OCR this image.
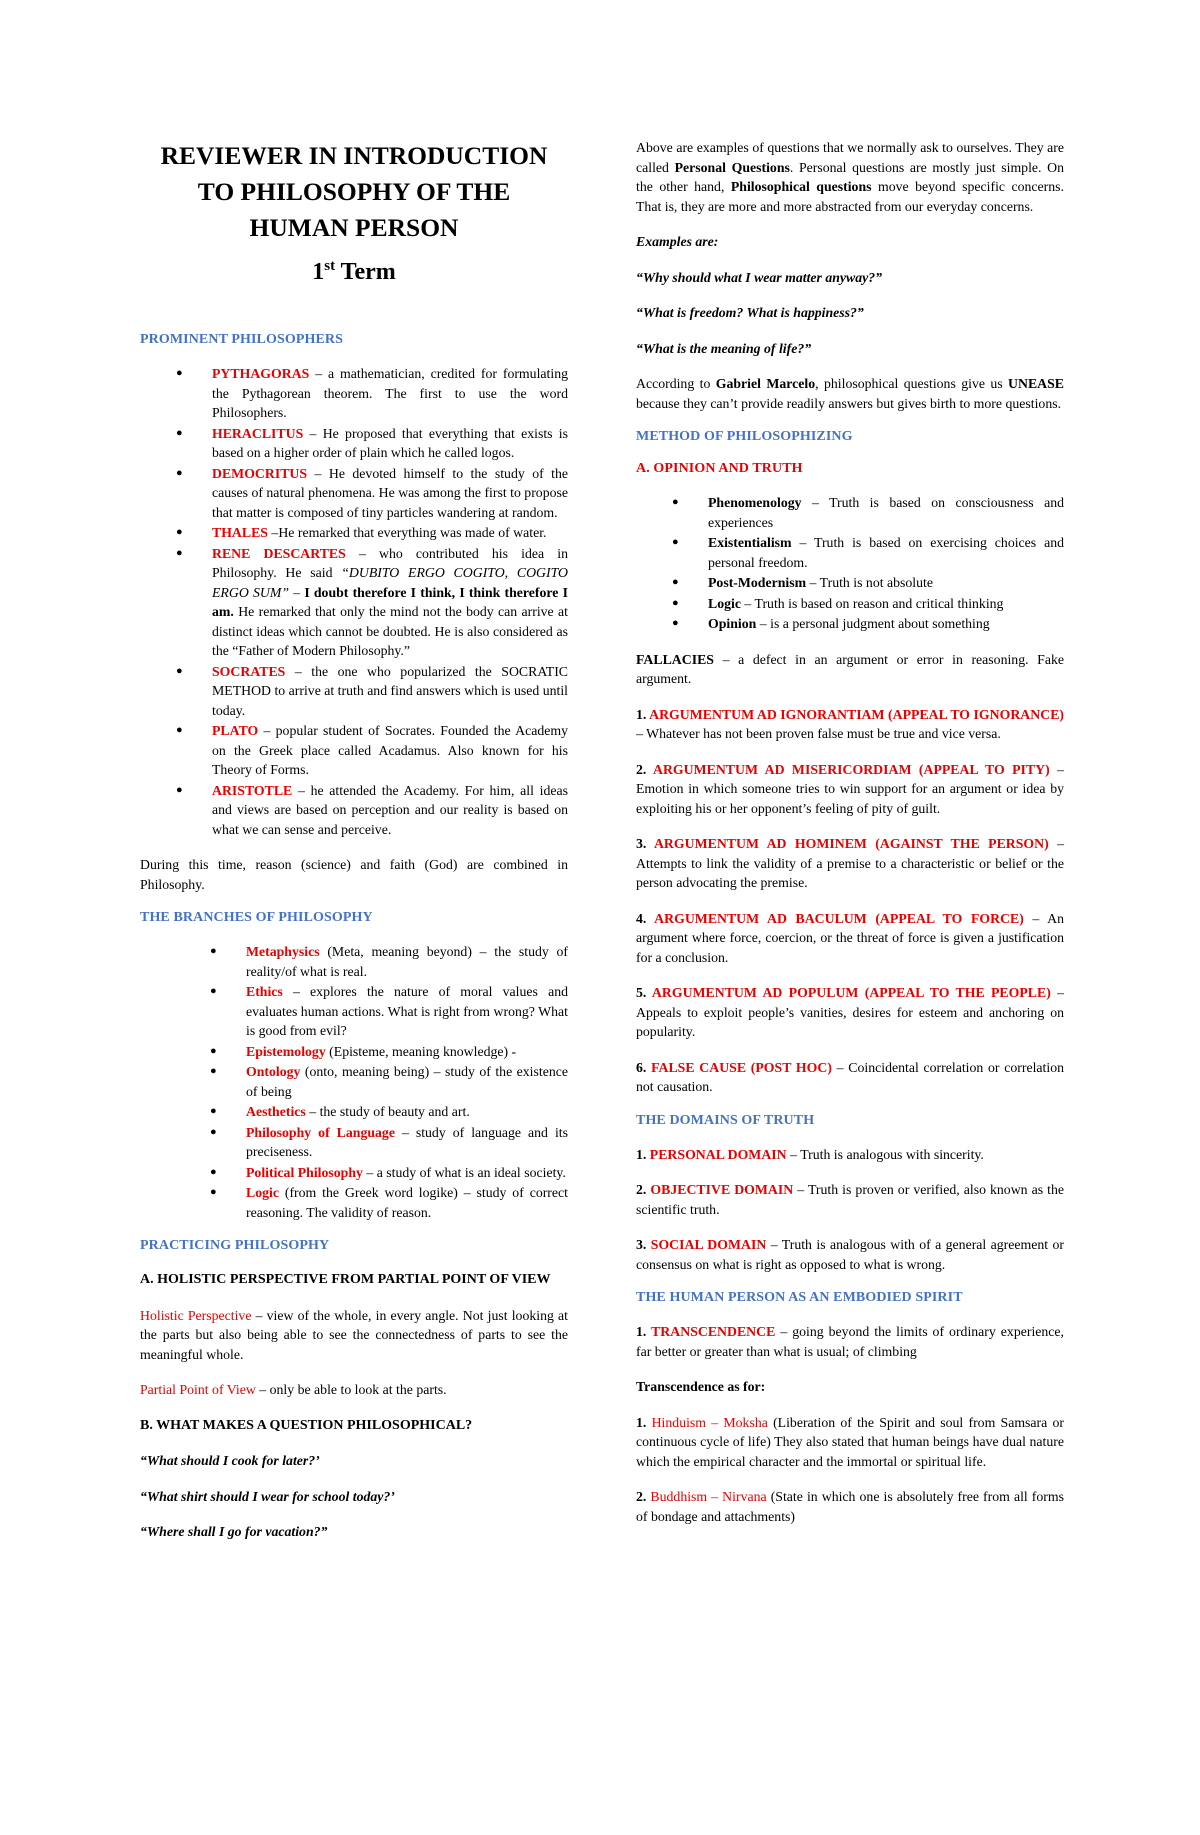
REVIEWER IN INTRODUCTION
TO PHILOSOPHY OF THE
HUMAN PERSON
1st Term
PROMINENT PHILOSOPHERS
● PYTHAGORAS – a mathematician, credited for formulating the Pythagorean theorem. The first to use the word Philosophers.
● HERACLITUS – He proposed that everything that exists is based on a higher order of plain which he called logos.
● DEMOCRITUS – He devoted himself to the study of the causes of natural phenomena. He was among the first to propose that matter is composed of tiny particles wandering at random.
● THALES –He remarked that everything was made of water.
● RENE DESCARTES – who contributed his idea in Philosophy. He said “DUBITO ERGO COGITO, COGITO ERGO SUM” – I doubt therefore I think, I think therefore I am. He remarked that only the mind not the body can arrive at distinct ideas which cannot be doubted. He is also considered as the “Father of Modern Philosophy.”
● SOCRATES – the one who popularized the SOCRATIC METHOD to arrive at truth and find answers which is used until today.
● PLATO – popular student of Socrates. Founded the Academy on the Greek place called Acadamus. Also known for his Theory of Forms.
● ARISTOTLE – he attended the Academy. For him, all ideas and views are based on perception and our reality is based on what we can sense and perceive.

During this time, reason (science) and faith (God) are combined in Philosophy.

THE BRANCHES OF PHILOSOPHY
● Metaphysics (Meta, meaning beyond) – the study of reality/of what is real.
● Ethics – explores the nature of moral values and evaluates human actions. What is right from wrong? What is good from evil?
● Epistemology (Episteme, meaning knowledge) -
● Ontology (onto, meaning being) – study of the existence of being
● Aesthetics – the study of beauty and art.
● Philosophy of Language – study of language and its preciseness.
● Political Philosophy – a study of what is an ideal society.
● Logic (from the Greek word logike) – study of correct reasoning. The validity of reason.
PRACTICING PHILOSOPHY
A. HOLISTIC PERSPECTIVE FROM PARTIAL POINT OF VIEW

Holistic Perspective – view of the whole, in every angle. Not just looking at the parts but also being able to see the connectedness of parts to see the meaningful whole.

Partial Point of View – only be able to look at the parts.

B. WHAT MAKES A QUESTION PHILOSOPHICAL?

“What should I cook for later?’

“What shirt should I wear for school today?’

“Where shall I go for vacation?”

Above are examples of questions that we normally ask to ourselves. They are called Personal Questions. Personal questions are mostly just simple. On the other hand, Philosophical questions move beyond specific concerns. That is, they are more and more abstracted from our everyday concerns.

Examples are:

“Why should what I wear matter anyway?”

“What is freedom? What is happiness?”

“What is the meaning of life?”

According to Gabriel Marcelo, philosophical questions give us UNEASE because they can’t provide readily answers but gives birth to more questions.

METHOD OF PHILOSOPHIZING
A. OPINION AND TRUTH
● Phenomenology – Truth is based on consciousness and experiences
● Existentialism – Truth is based on exercising choices and personal freedom.
● Post-Modernism – Truth is not absolute
● Logic – Truth is based on reason and critical thinking
● Opinion – is a personal judgment about something

FALLACIES – a defect in an argument or error in reasoning. Fake argument.

1. ARGUMENTUM AD IGNORANTIAM (APPEAL TO IGNORANCE) – Whatever has not been proven false must be true and vice versa.

2. ARGUMENTUM AD MISERICORDIAM (APPEAL TO PITY) – Emotion in which someone tries to win support for an argument or idea by exploiting his or her opponent’s feeling of pity of guilt.

3. ARGUMENTUM AD HOMINEM (AGAINST THE PERSON) – Attempts to link the validity of a premise to a characteristic or belief or the person advocating the premise.

4. ARGUMENTUM AD BACULUM (APPEAL TO FORCE) – An argument where force, coercion, or the threat of force is given a justification for a conclusion.

5. ARGUMENTUM AD POPULUM (APPEAL TO THE PEOPLE) – Appeals to exploit people’s vanities, desires for esteem and anchoring on popularity.

6. FALSE CAUSE (POST HOC) – Coincidental correlation or correlation not causation.

THE DOMAINS OF TRUTH

1. PERSONAL DOMAIN – Truth is analogous with sincerity.

2. OBJECTIVE DOMAIN – Truth is proven or verified, also known as the scientific truth.

3. SOCIAL DOMAIN – Truth is analogous with of a general agreement or consensus on what is right as opposed to what is wrong.

THE HUMAN PERSON AS AN EMBODIED SPIRIT

1. TRANSCENDENCE – going beyond the limits of ordinary experience, far better or greater than what is usual; of climbing

Transcendence as for:

1. Hinduism – Moksha (Liberation of the Spirit and soul from Samsara or continuous cycle of life) They also stated that human beings have dual nature which the empirical character and the immortal or spiritual life.

2. Buddhism – Nirvana (State in which one is absolutely free from all forms of bondage and attachments)
